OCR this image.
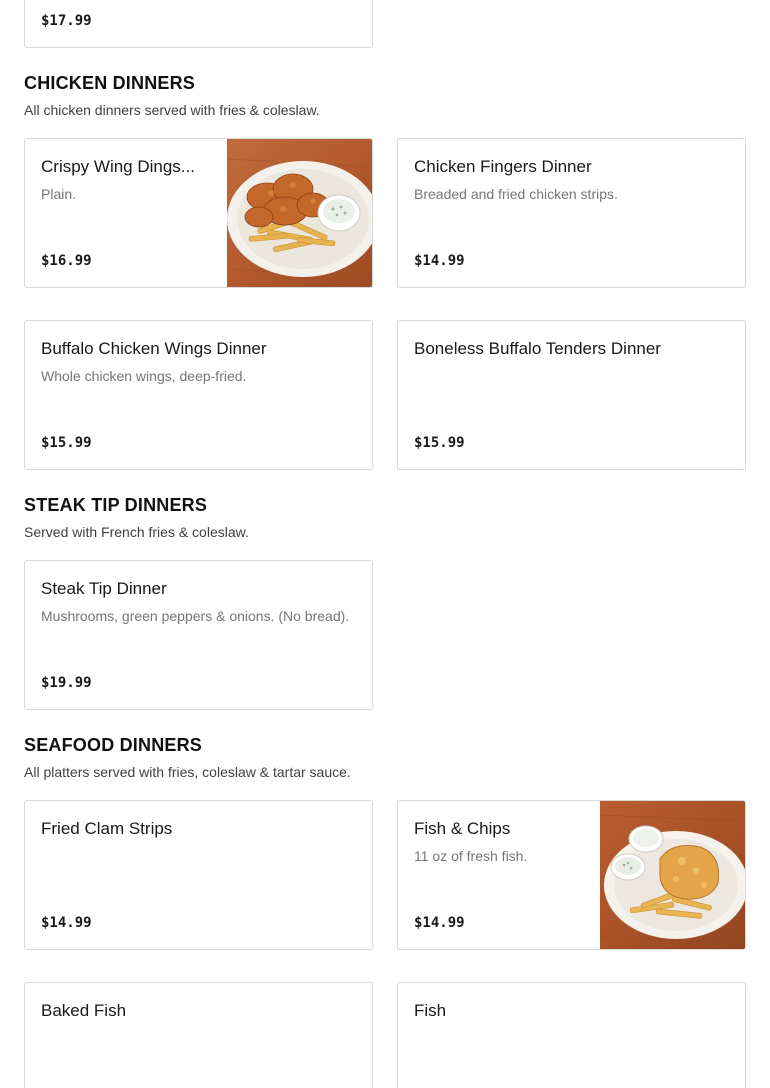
$17.99
CHICKEN DINNERS

All chicken dinners served with fries & coleslaw.

Crispy Wing Dings...
Plain.
$16.99
Chicken Fingers Dinner
Breaded and fried chicken strips.
$14.99
Buffalo Chicken Wings Dinner
Whole chicken wings, deep-fried.
$15.99
Boneless Buffalo Tenders Dinner
$15.99
STEAK TIP DINNERS

Served with French fries & coleslaw.

Steak Tip Dinner
Mushrooms, green peppers & onions. (No bread).
$19.99
SEAFOOD DINNERS

All platters served with fries, coleslaw & tartar sauce.

Fried Clam Strips
$14.99
Fish & Chips
11 oz of fresh fish.
$14.99
Baked Fish	Fish
